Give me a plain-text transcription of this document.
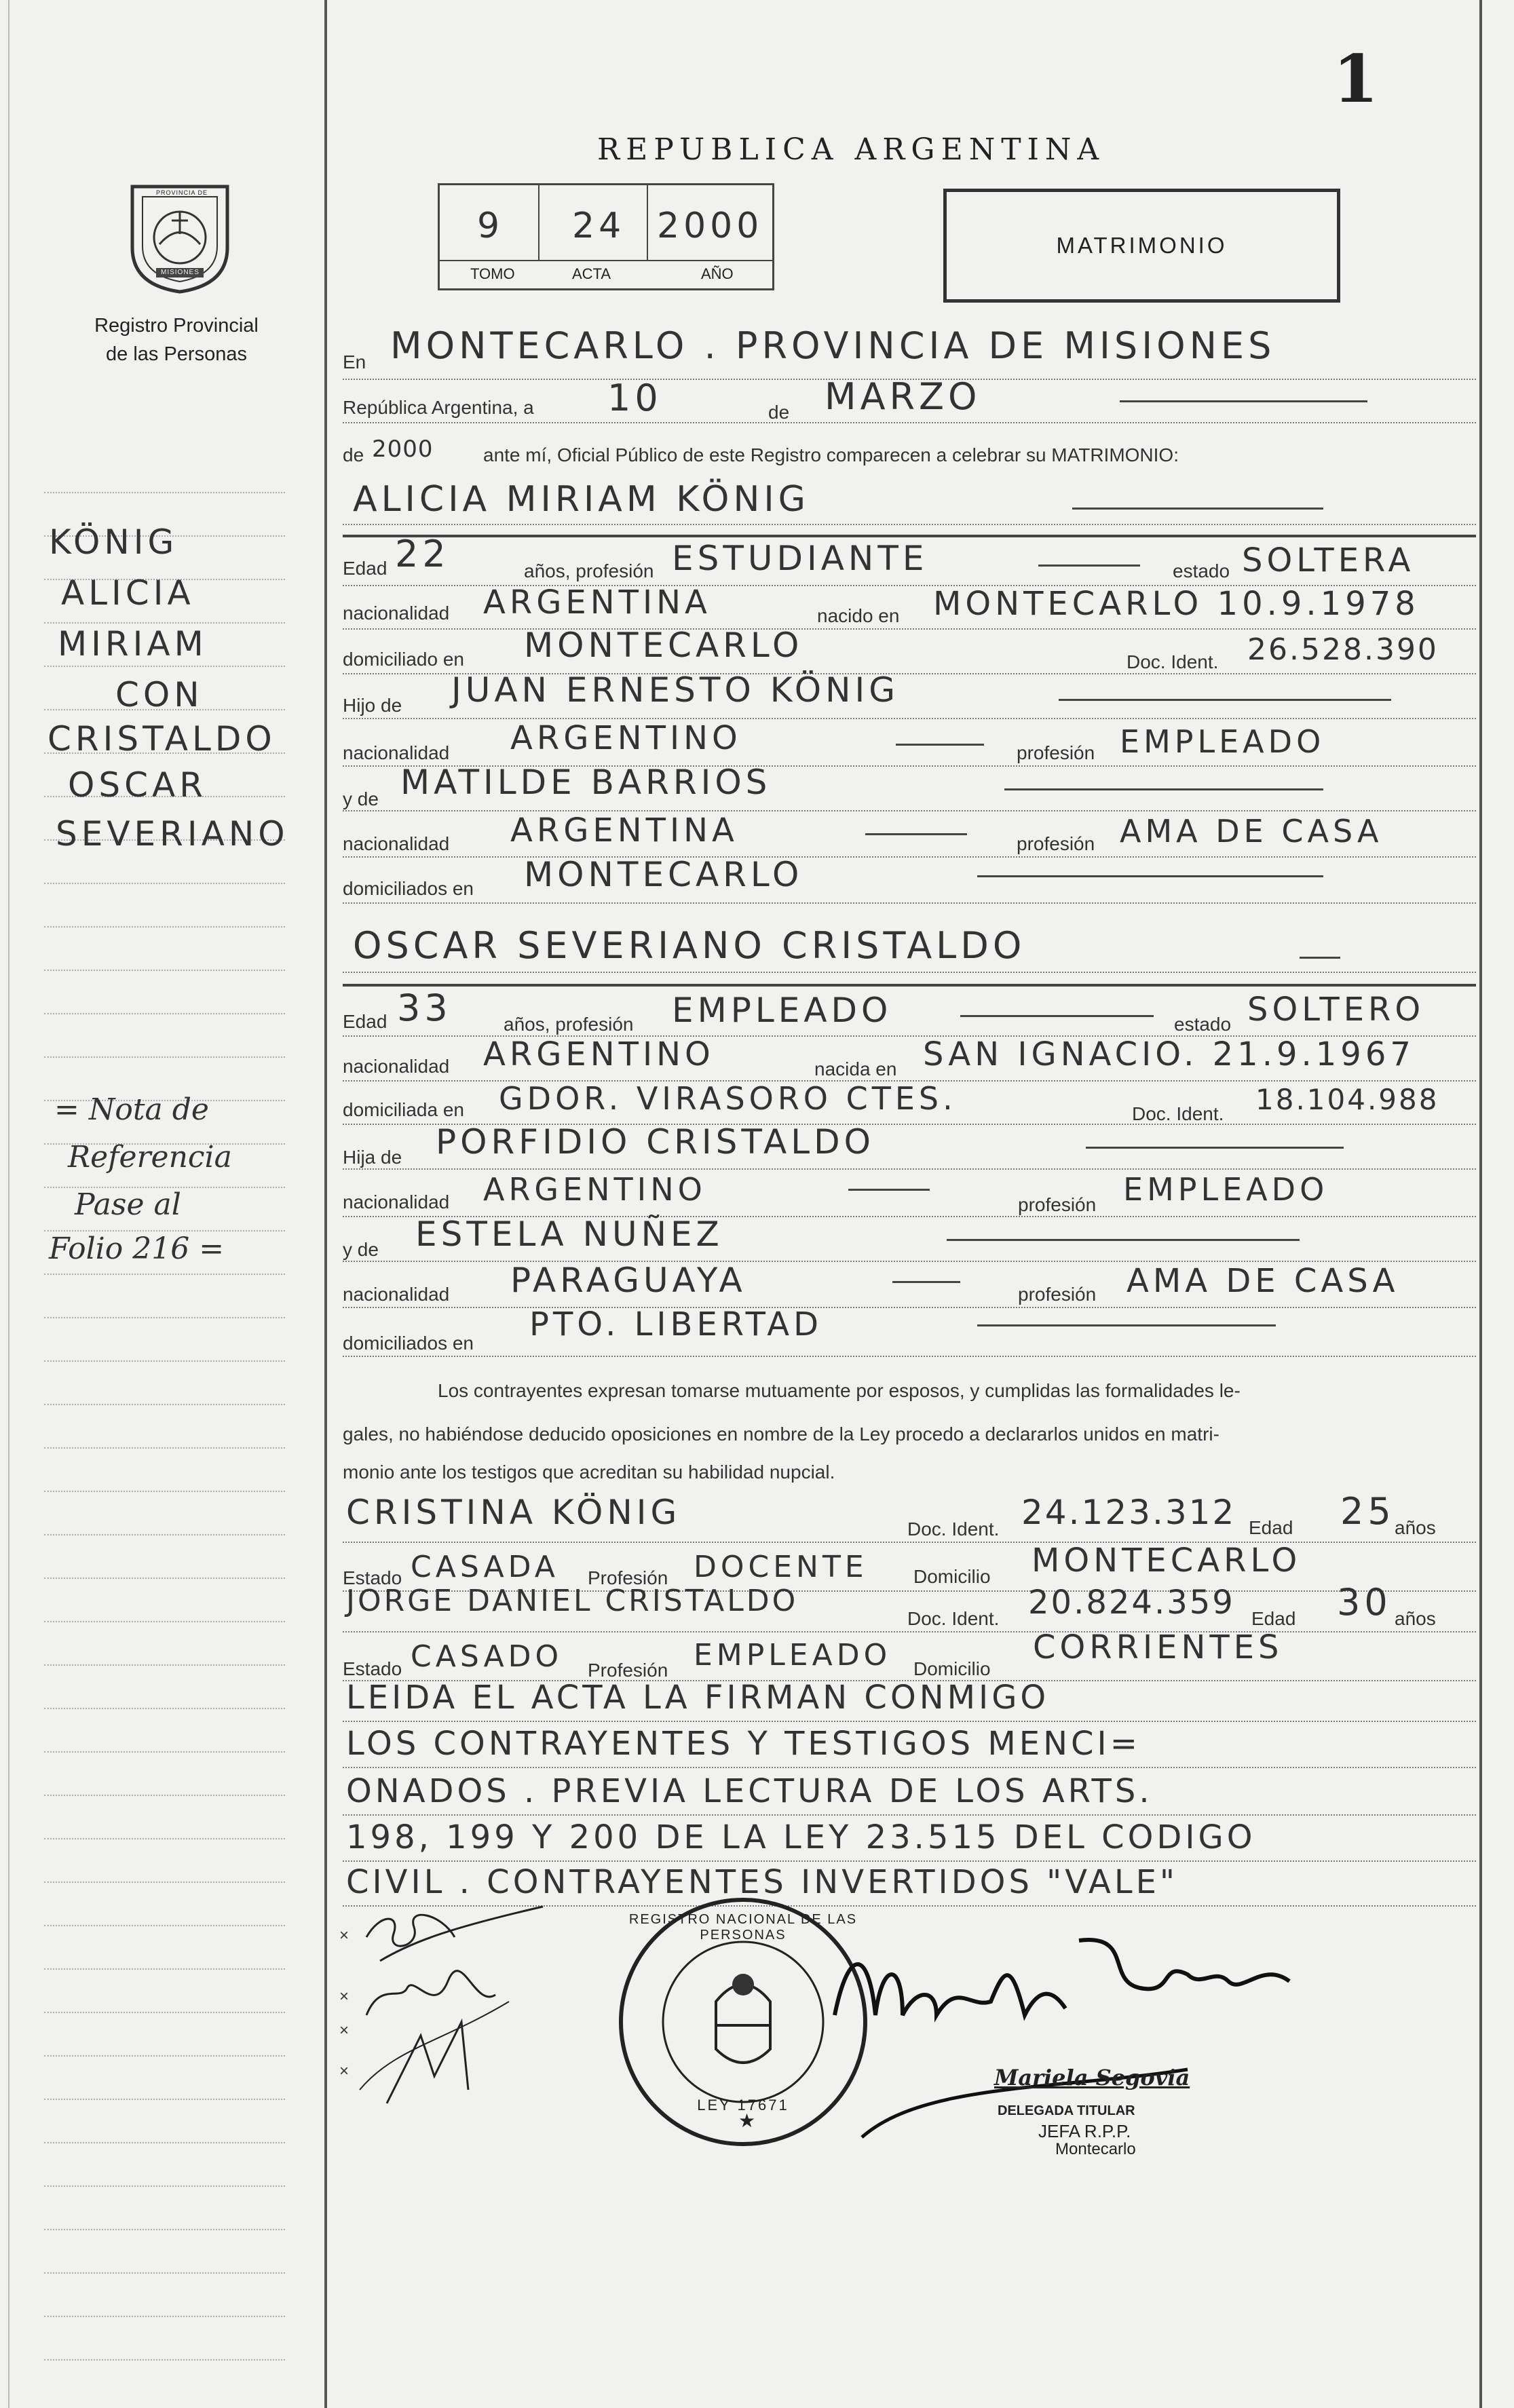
1
REPUBLICA ARGENTINA
PROVINCIA DE
MISIONES
Registro Provincial
de las Personas
9 24 2000
TOMO	ACTA	AÑO
MATRIMONIO
KÖNIG
ALICIA
MIRIAM
CON
CRISTALDO
OSCAR
SEVERIANO
= Nota de
Referencia
Pase al
Folio 216 =
En MONTECARLO . PROVINCIA DE MISIONES
República Argentina, a 10	de MARZO
de 2000	ante mí, Oficial Público de este Registro comparecen a celebrar su MATRIMONIO:
ALICIA MIRIAM KÖNIG
Edad 22	años, profesión ESTUDIANTE	estado SOLTERA
nacionalidad ARGENTINA	nacido en MONTECARLO 10.9.1978
domiciliado en MONTECARLO	Doc. Ident. 26.528.390
Hijo de JUAN ERNESTO KÖNIG
nacionalidad ARGENTINO	profesión EMPLEADO
y de MATILDE BARRIOS
nacionalidad ARGENTINA	profesión AMA DE CASA
domiciliados en MONTECARLO
OSCAR SEVERIANO CRISTALDO
Edad 33	años, profesión EMPLEADO	estado SOLTERO
nacionalidad ARGENTINO	nacida en SAN IGNACIO. 21.9.1967
domiciliada en GDOR. VIRASORO CTES.	Doc. Ident. 18.104.988
Hija de PORFIDIO CRISTALDO
nacionalidad ARGENTINO	profesión EMPLEADO
y de ESTELA NUÑEZ
nacionalidad PARAGUAYA	profesión AMA DE CASA
domiciliados en PTO. LIBERTAD
Los contrayentes expresan tomarse mutuamente por esposos, y cumplidas las formalidades le-
gales, no habiéndose deducido oposiciones en nombre de la Ley procedo a declararlos unidos en matri-
monio ante los testigos que acreditan su habilidad nupcial.
CRISTINA KÖNIG	Doc. Ident. 24.123.312 Edad 25 años
Estado CASADA Profesión DOCENTE Domicilio MONTECARLO
JORGE DANIEL CRISTALDO
Doc. Ident. 20.824.359 Edad 30 años
Estado CASADO Profesión EMPLEADO Domicilio
CORRIENTES
LEIDA EL ACTA LA FIRMAN CONMIGO
LOS CONTRAYENTES Y TESTIGOS MENCI=
ONADOS . PREVIA LECTURA DE LOS ARTS.
198, 199 Y 200 DE LA LEY 23.515 DEL CODIGO
CIVIL . CONTRAYENTES INVERTIDOS "VALE"
×
×
×
×
★
REGISTRO NACIONAL DE LAS PERSONAS
LEY 17671
Mariela Segovia
DELEGADA TITULAR
JEFA R.P.P.
Montecarlo
